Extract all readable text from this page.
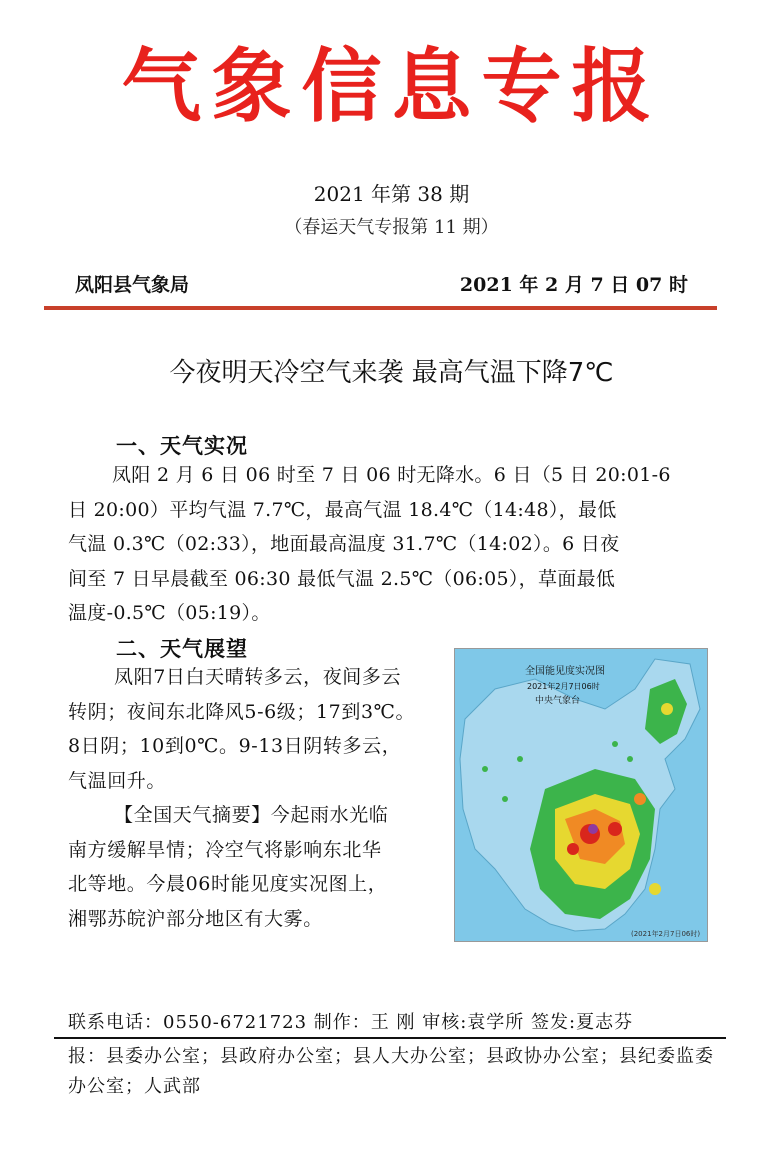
气象信息专报
2021 年第 38 期
（春运天气专报第 11 期）
凤阳县气象局	2021 年 2 月 7 日 07 时
今夜明天冷空气来袭 最高气温下降7℃
一、天气实况
凤阳 2 月 6 日 06 时至 7 日 06 时无降水。6 日（5 日 20:01-6
日 20:00）平均气温 7.7℃，最高气温 18.4℃（14:48），最低
气温 0.3℃（02:33），地面最高温度 31.7℃（14:02）。6 日夜
间至 7 日早晨截至 06:30 最低气温 2.5℃（06:05），草面最低
温度-0.5℃（05:19）。
二、天气展望
凤阳7日白天晴转多云，夜间多云
转阴；夜间东北降风5-6级；17到3℃。
8日阴；10到0℃。9-13日阴转多云，
气温回升。
【全国天气摘要】今起雨水光临
南方缓解旱情；冷空气将影响东北华
北等地。今晨06时能见度实况图上，
湘鄂苏皖沪部分地区有大雾。
全国能见度实况图
2021年2月7日06时
中央气象台
(2021年2月7日06时)
联系电话：0550-6721723 制作：王 刚 审核:袁学所 签发:夏志芬
报：县委办公室；县政府办公室；县人大办公室；县政协办公室；县纪委监委办公室；人武部
